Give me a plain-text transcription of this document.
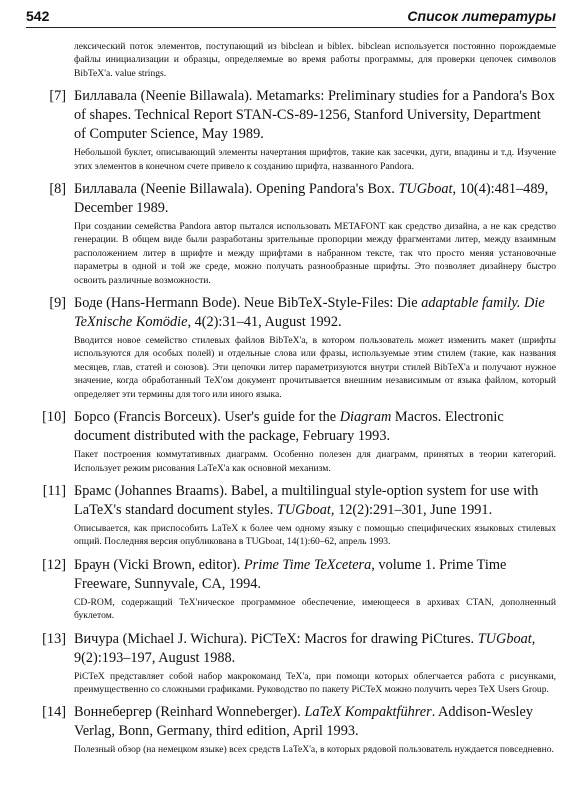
542	Список литературы
лексический поток элементов, поступающий из bibclean и biblex. bibclean используется постоянно порождаемые файлы инициализации и образцы, определяемые во время работы программы, для проверки цепочек символов BibTeX'а. value strings.
[7] Биллавала (Neenie Billawala). Metamarks: Preliminary studies for a Pandora's Box of shapes. Technical Report STAN-CS-89-1256, Stanford University, Department of Computer Science, May 1989.
Небольшой буклет, описывающий элементы начертания шрифтов, такие как засечки, дуги, впадины и т.д. Изучение этих элементов в конечном счете привело к созданию шрифта, названного Pandora.
[8] Биллавала (Neenie Billawala). Opening Pandora's Box. TUGboat, 10(4):481–489, December 1989.
При создании семейства Pandora автор пытался использовать METAFONT как средство дизайна, а не как средство генерации. В общем виде были разработаны зрительные пропорции между фрагментами литер, между взаимным расположением литер в шрифте и между шрифтами в набранном тексте, так что просто меняя установочные параметры в одной и той же среде, можно получать разнообразные шрифты. Это позволяет дизайнеру быстро освоить различные возможности.
[9] Боде (Hans-Hermann Bode). Neue BibTeX-Style-Files: Die adaptable family. Die TeXnische Komödie, 4(2):31–41, August 1992.
Вводится новое семейство стилевых файлов BibTeX'а, в котором пользователь может изменить макет (шрифты используются для особых полей) и отдельные слова или фразы, используемые этим стилем (такие, как названия месяцев, глав, статей и союзов). Эти цепочки литер параметризуются внутри стилей BibTeX'а и получают нужное значение, когда обработанный TeX'ом документ прочитывается внешним независимым от языка файлом, который определяет эти термины для того или иного языка.
[10] Борсо (Francis Borceux). User's guide for the Diagram Macros. Electronic document distributed with the package, February 1993.
Пакет построения коммутативных диаграмм. Особенно полезен для диаграмм, принятых в теории категорий. Использует режим рисования LaTeX'а как основной механизм.
[11] Брамс (Johannes Braams). Babel, a multilingual style-option system for use with LaTeX's standard document styles. TUGboat, 12(2):291–301, June 1991.
Описывается, как приспособить LaTeX к более чем одному языку с помощью специфических языковых стилевых опций. Последняя версия опубликована в TUGboat, 14(1):60–62, апрель 1993.
[12] Браун (Vicki Brown, editor). Prime Time TeXcetera, volume 1. Prime Time Freeware, Sunnyvale, CA, 1994.
CD-ROM, содержащий TeX'ническое программное обеспечение, имеющееся в архивах CTAN, дополненный буклетом.
[13] Вичура (Michael J. Wichura). PiCTeX: Macros for drawing PiCtures. TUGboat, 9(2):193–197, August 1988.
PiCTeX представляет собой набор макрокоманд TeX'а, при помощи которых облегчается работа с рисунками, преимущественно со сложными графиками. Руководство по пакету PiCTeX можно получить через TeX Users Group.
[14] Воннебергер (Reinhard Wonneberger). LaTeX Kompaktführer. Addison-Wesley Verlag, Bonn, Germany, third edition, April 1993.
Полезный обзор (на немецком языке) всех средств LaTeX'а, в которых рядовой пользователь нуждается повседневно.
